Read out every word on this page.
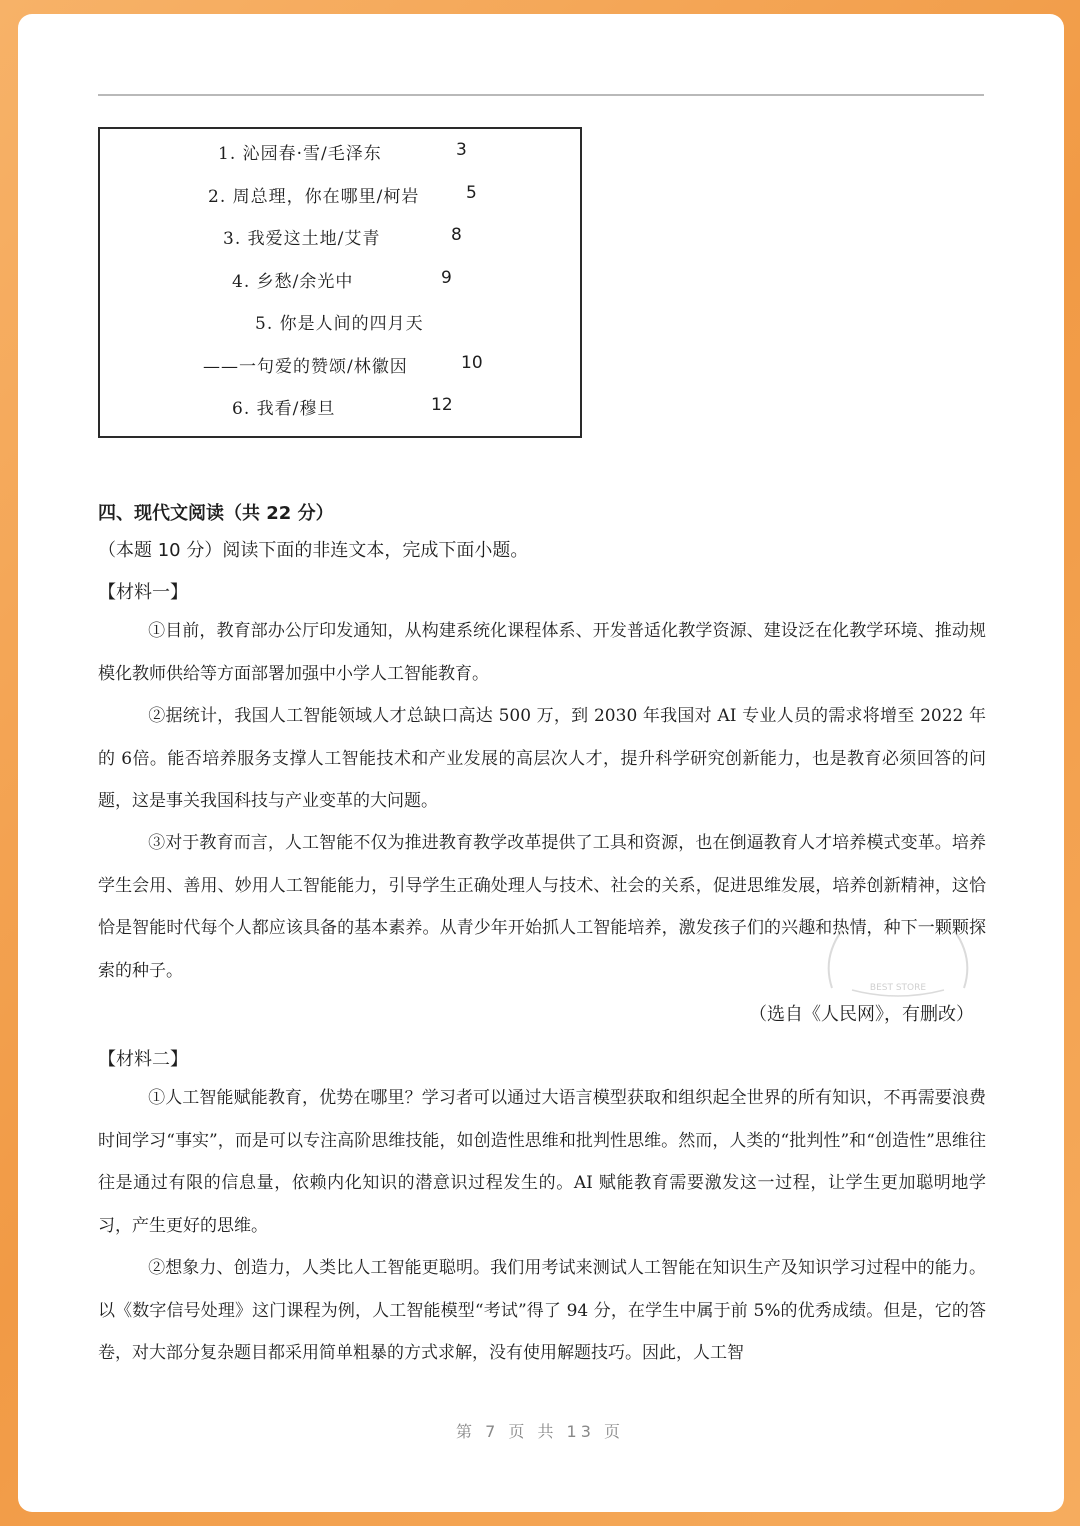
1. 沁园春·雪/毛泽东	3
2. 周总理，你在哪里/柯岩	5
3. 我爱这土地/艾青	8
4. 乡愁/余光中	9
5. 你是人间的四月天
——一句爱的赞颂/林徽因	10
6. 我看/穆旦	12
四、现代文阅读（共 22 分）
（本题 10 分）阅读下面的非连文本，完成下面小题。
【材料一】

①目前，教育部办公厅印发通知，从构建系统化课程体系、开发普适化教学资源、建设泛在化教学环境、推动规模化教师供给等方面部署加强中小学人工智能教育。

②据统计，我国人工智能领域人才总缺口高达 500 万，到 2030 年我国对 AI 专业人员的需求将增至 2022 年的 6倍。能否培养服务支撑人工智能技术和产业发展的高层次人才，提升科学研究创新能力，也是教育必须回答的问题，这是事关我国科技与产业变革的大问题。

③对于教育而言，人工智能不仅为推进教育教学改革提供了工具和资源，也在倒逼教育人才培养模式变革。培养学生会用、善用、妙用人工智能能力，引导学生正确处理人与技术、社会的关系，促进思维发展，培养创新精神，这恰恰是智能时代每个人都应该具备的基本素养。从青少年开始抓人工智能培养，激发孩子们的兴趣和热情，种下一颗颗探索的种子。

BEST STORE
（选自《人民网》，有删改）
【材料二】

①人工智能赋能教育，优势在哪里？学习者可以通过大语言模型获取和组织起全世界的所有知识，不再需要浪费时间学习“事实”，而是可以专注高阶思维技能，如创造性思维和批判性思维。然而，人类的“批判性”和“创造性”思维往往是通过有限的信息量，依赖内化知识的潜意识过程发生的。AI 赋能教育需要激发这一过程，让学生更加聪明地学习，产生更好的思维。

②想象力、创造力，人类比人工智能更聪明。我们用考试来测试人工智能在知识生产及知识学习过程中的能力。以《数字信号处理》这门课程为例，人工智能模型“考试”得了 94 分，在学生中属于前 5%的优秀成绩。但是，它的答卷，对大部分复杂题目都采用简单粗暴的方式求解，没有使用解题技巧。因此，人工智

第 7 页 共 13 页
